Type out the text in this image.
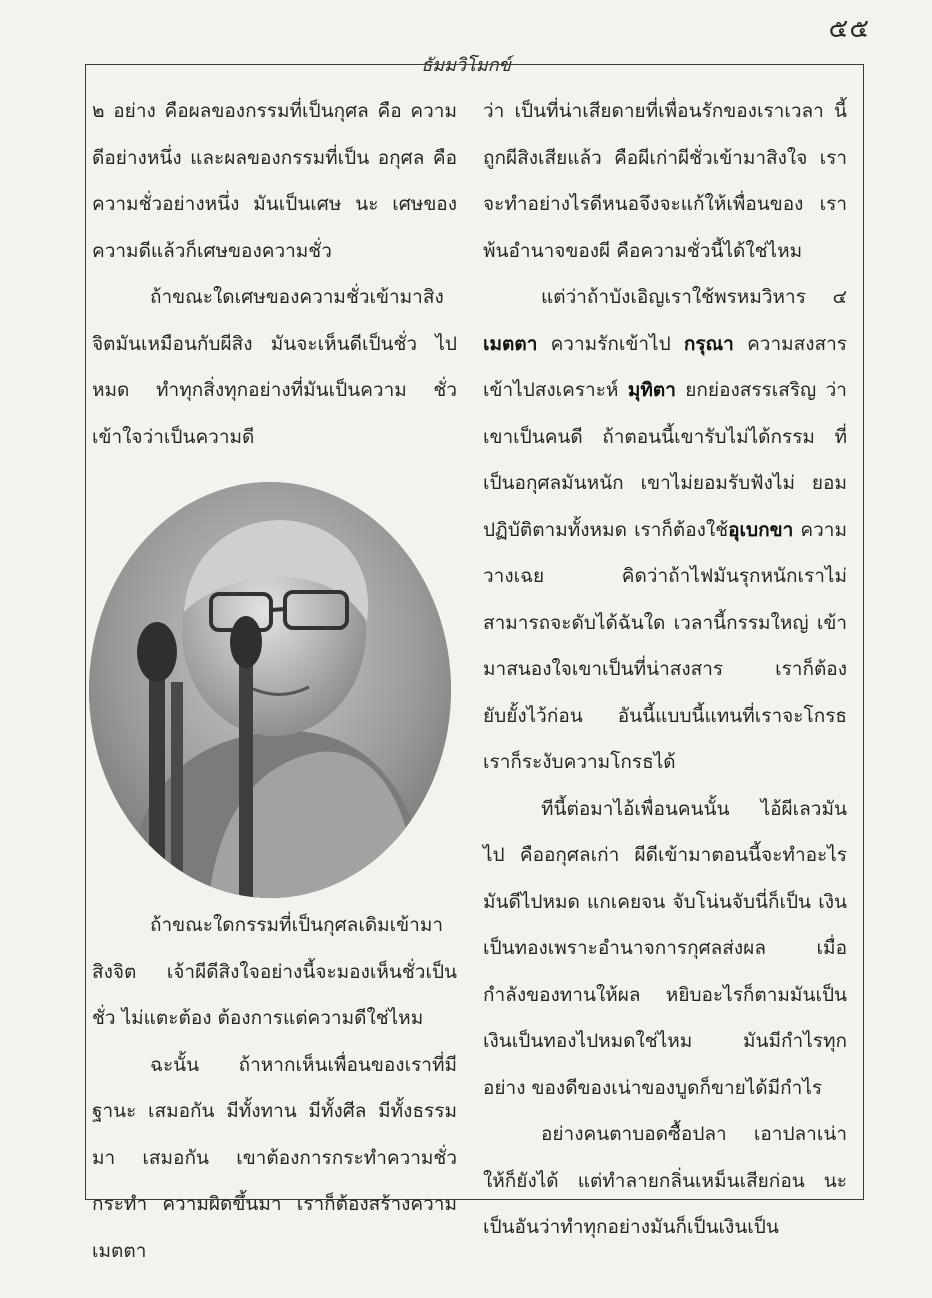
๕๕
ธัมมวิโมกข์

๒ อย่าง คือผลของกรรมที่เป็นกุศล คือ ความดีอย่างหนึ่ง และผลของกรรมที่เป็น อกุศล คือความชั่วอย่างหนึ่ง มันเป็นเศษ นะ เศษของความดีแล้วก็เศษของความชั่ว

ถ้าขณะใดเศษของความชั่วเข้ามาสิง จิตมันเหมือนกับผีสิง มันจะเห็นดีเป็นชั่ว ไปหมด ทำทุกสิ่งทุกอย่างที่มันเป็นความ ชั่วเข้าใจว่าเป็นความดี

ถ้าขณะใดกรรมที่เป็นกุศลเดิมเข้ามา สิงจิต เจ้าผีดีสิงใจอย่างนี้จะมองเห็นชั่วเป็น ชั่ว ไม่แตะต้อง ต้องการแต่ความดีใช่ไหม

ฉะนั้น ถ้าหากเห็นเพื่อนของเราที่มีฐานะ เสมอกัน มีทั้งทาน มีทั้งศีล มีทั้งธรรมมา เสมอกัน เขาต้องการกระทำความชั่วกระทำ ความผิดขึ้นมา เราก็ต้องสร้างความเมตตา

ว่า เป็นที่น่าเสียดายที่เพื่อนรักของเราเวลา นี้ถูกผีสิงเสียแล้ว คือผีเก่าผีชั่วเข้ามาสิงใจ เราจะทำอย่างไรดีหนอจึงจะแก้ให้เพื่อนของ เราพ้นอำนาจของผี คือความชั่วนี้ได้ใช่ไหม

แต่ว่าถ้าบังเอิญเราใช้พรหมวิหาร ๔ เมตตา ความรักเข้าไป กรุณา ความสงสาร เข้าไปสงเคราะห์ มุทิตา ยกย่องสรรเสริญ ว่าเขาเป็นคนดี ถ้าตอนนี้เขารับไม่ได้กรรม ที่เป็นอกุศลมันหนัก เขาไม่ยอมรับฟังไม่ ยอมปฏิบัติตามทั้งหมด เราก็ต้องใช้อุเบกขา ความวางเฉย คิดว่าถ้าไฟมันรุกหนักเราไม่ สามารถจะดับได้ฉันใด เวลานี้กรรมใหญ่ เข้ามาสนองใจเขาเป็นที่น่าสงสาร เราก็ต้อง ยับยั้งไว้ก่อน อันนี้แบบนี้แทนที่เราจะโกรธ เราก็ระงับความโกรธได้

ทีนี้ต่อมาไอ้เพื่อนคนนั้น ไอ้ผีเลวมัน ไป คืออกุศลเก่า ผีดีเข้ามาตอนนี้จะทำอะไร มันดีไปหมด แกเคยจน จับโน่นจับนี่ก็เป็น เงินเป็นทองเพราะอำนาจการกุศลส่งผล เมื่อ กำลังของทานให้ผล หยิบอะไรก็ตามมันเป็น เงินเป็นทองไปหมดใช่ไหม มันมีกำไรทุก อย่าง ของดีของเน่าของบูดก็ขายได้มีกำไร

อย่างคนตาบอดซื้อปลา เอาปลาเน่า ให้ก็ยังได้ แต่ทำลายกลิ่นเหม็นเสียก่อน นะ เป็นอันว่าทำทุกอย่างมันก็เป็นเงินเป็น
